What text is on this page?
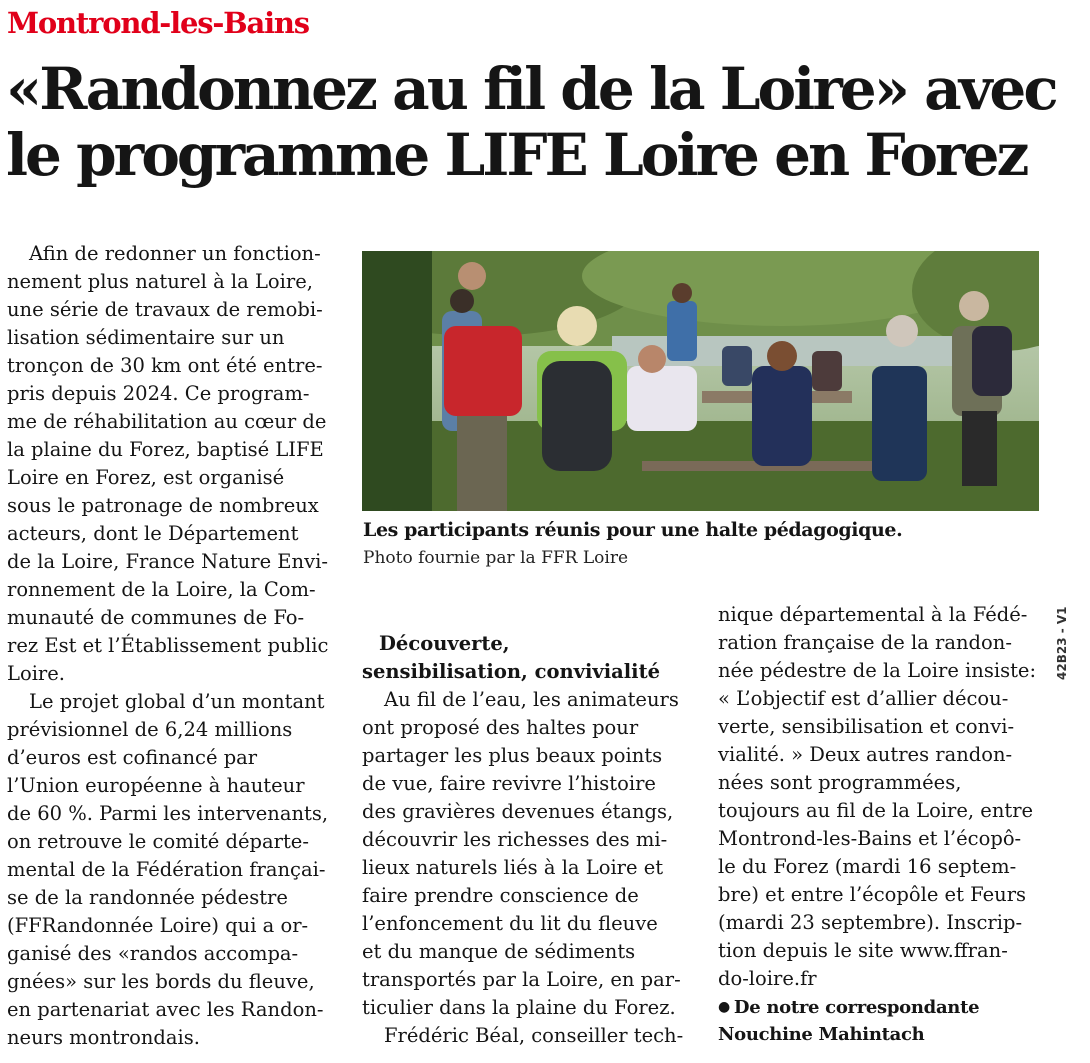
Montrond-les-Bains
«Randonnez au fil de la Loire» avec
le programme LIFE Loire en Forez
Afin de redonner un fonction-
nement plus naturel à la Loire,
une série de travaux de remobi-
lisation sédimentaire sur un
tronçon de 30 km ont été entre-
pris depuis 2024. Ce program-
me de réhabilitation au cœur de
la plaine du Forez, baptisé LIFE
Loire en Forez, est organisé
sous le patronage de nombreux
acteurs, dont le Département
de la Loire, France Nature Envi-
ronnement de la Loire, la Com-
munauté de communes de Fo-
rez Est et l’Établissement public
Loire.
Le projet global d’un montant
prévisionnel de 6,24 millions
d’euros est cofinancé par
l’Union européenne à hauteur
de 60 %. Parmi les intervenants,
on retrouve le comité départe-
mental de la Fédération françai-
se de la randonnée pédestre
(FFRandonnée Loire) qui a or-
ganisé des «randos accompa-
gnées» sur les bords du fleuve,
en partenariat avec les Randon-
neurs montrondais.
Les participants réunis pour une halte pédagogique.
Photo fournie par la FFR Loire
Découverte,
sensibilisation, convivialité
Au fil de l’eau, les animateurs
ont proposé des haltes pour
partager les plus beaux points
de vue, faire revivre l’histoire
des gravières devenues étangs,
découvrir les richesses des mi-
lieux naturels liés à la Loire et
faire prendre conscience de
l’enfoncement du lit du fleuve
et du manque de sédiments
transportés par la Loire, en par-
ticulier dans la plaine du Forez.
Frédéric Béal, conseiller tech-
nique départemental à la Fédé-
ration française de la randon-
née pédestre de la Loire insiste:
« L’objectif est d’allier décou-
verte, sensibilisation et convi-
vialité. » Deux autres randon-
nées sont programmées,
toujours au fil de la Loire, entre
Montrond-les-Bains et l’écopô-
le du Forez (mardi 16 septem-
bre) et entre l’écopôle et Feurs
(mardi 23 septembre). Inscrip-
tion depuis le site www.ffran-
do-loire.fr
● De notre correspondante
Nouchine Mahintach
42B23 - V1
